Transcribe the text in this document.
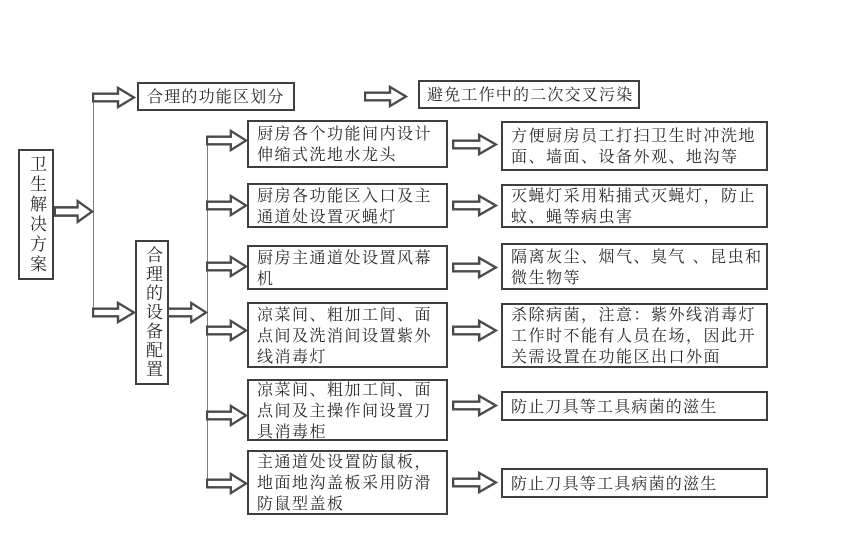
卫生解决方案
合理的功能区划分	避免工作中的二次交叉污染
合理的设备配置
厨房各个功能间内设计伸缩式洗地水龙头
方便厨房员工打扫卫生时冲洗地面、墙面、设备外观、地沟等
厨房各功能区入口及主通道处设置灭蝇灯
灭蝇灯采用粘捕式灭蝇灯，防止蚊、蝇等病虫害
厨房主通道处设置风幕机
隔离灰尘、烟气、臭气 、昆虫和微生物等
凉菜间、粗加工间、面点间及洗消间设置紫外线消毒灯
杀除病菌，注意：紫外线消毒灯工作时不能有人员在场，因此开关需设置在功能区出口外面
凉菜间、粗加工间、面点间及主操作间设置刀具消毒柜
防止刀具等工具病菌的滋生
主通道处设置防鼠板，地面地沟盖板采用防滑防鼠型盖板
防止刀具等工具病菌的滋生
